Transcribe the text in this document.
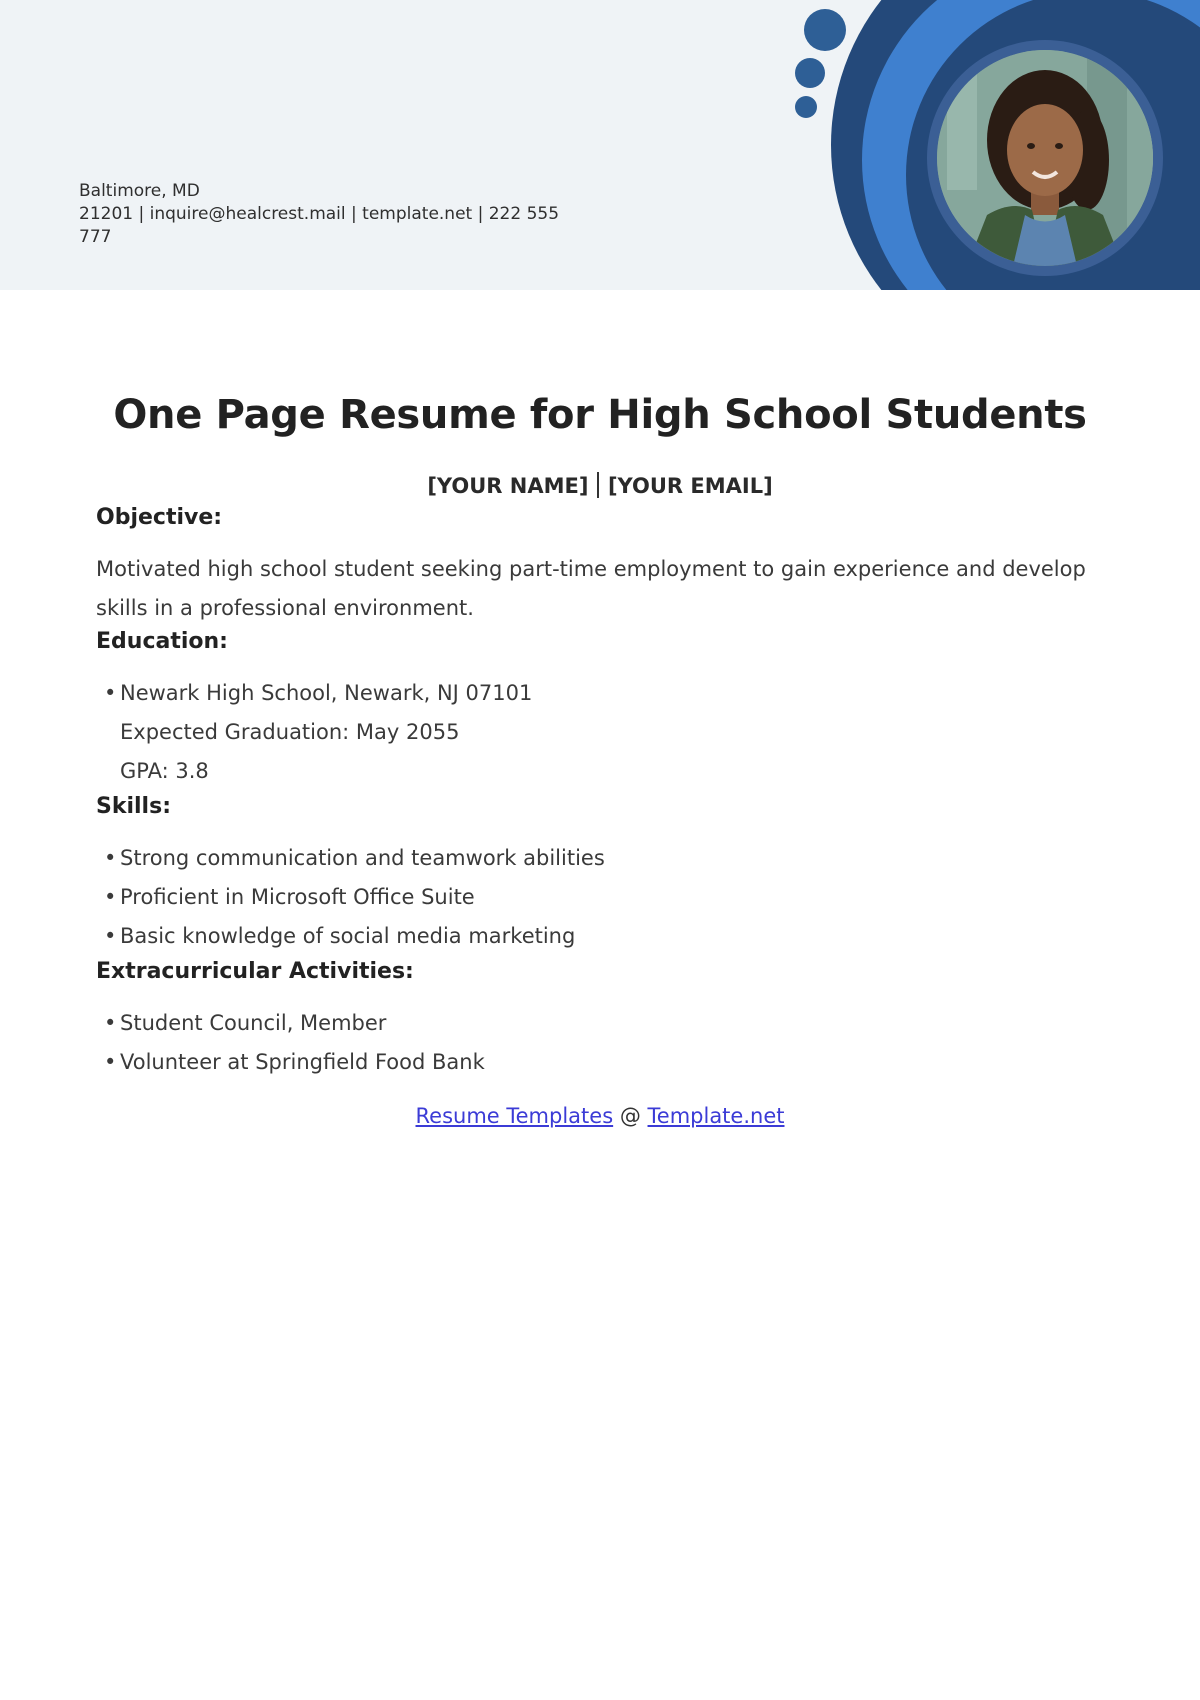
Baltimore, MD
21201 | inquire@healcrest.mail | template.net | 222 555
777
One Page Resume for High School Students
[YOUR NAME] [YOUR EMAIL]
Objective:
Motivated high school student seeking part-time employment to gain experience and develop skills in a professional environment.
Education:
• Newark High School, Newark, NJ 07101
Expected Graduation: May 2055
GPA: 3.8
Skills:
• Strong communication and teamwork abilities
• Proficient in Microsoft Office Suite
• Basic knowledge of social media marketing
Extracurricular Activities:
• Student Council, Member
• Volunteer at Springfield Food Bank
Resume Templates @ Template.net
